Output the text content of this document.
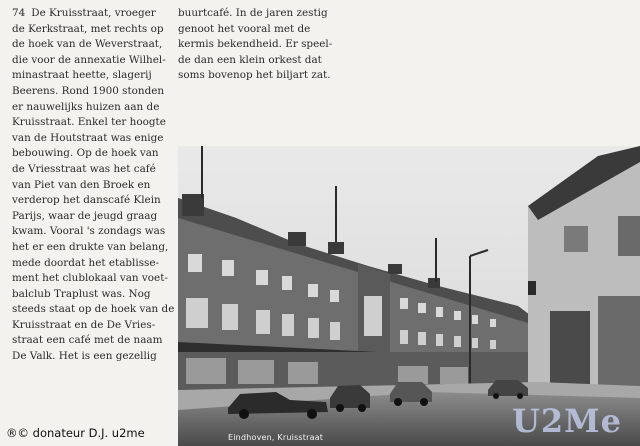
74 De Kruisstraat, vroeger
de Kerkstraat, met rechts op
de hoek van de Weverstraat,
die voor de annexatie Wilhel-
minastraat heette, slagerij
Beerens. Rond 1900 stonden
er nauwelijks huizen aan de
Kruisstraat. Enkel ter hoogte
van de Houtstraat was enige
bebouwing. Op de hoek van
de Vriesstraat was het café
van Piet van den Broek en
verderop het danscafé Klein
Parijs, waar de jeugd graag
kwam. Vooral 's zondags was
het er een drukte van belang,
mede doordat het etablisse-
ment het clublokaal van voet-
balclub Traplust was. Nog
steeds staat op de hoek van de
Kruisstraat en de De Vries-
straat een café met de naam
De Valk. Het is een gezellig
buurtcafé. In de jaren zestig
genoot het vooral met de
kermis bekendheid. Er speel-
de dan een klein orkest dat
soms bovenop het biljart zat.
Eindhoven, Kruisstraat	U2Me
®© donateur D.J. u2me
